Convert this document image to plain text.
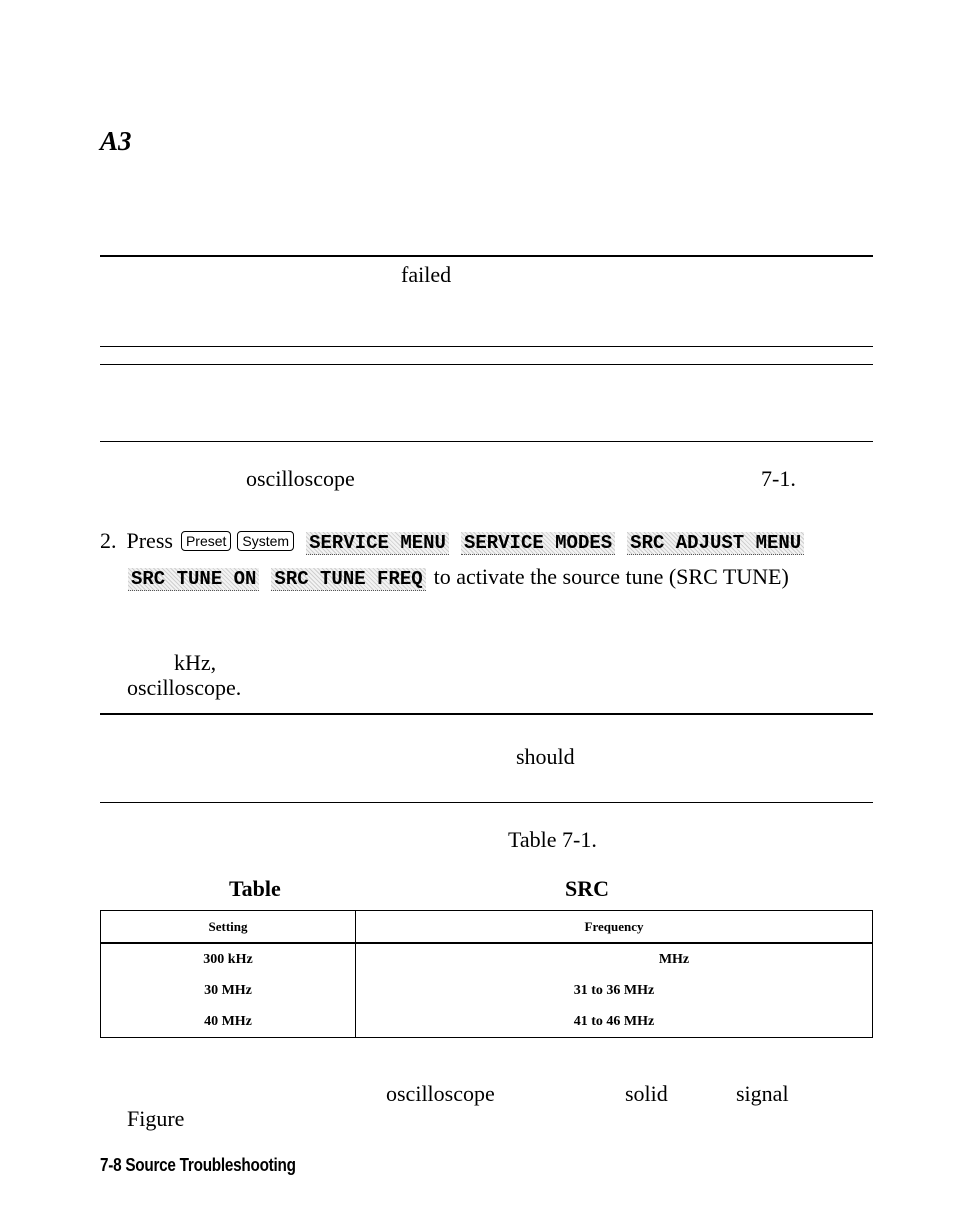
A3
failed
oscilloscope	7-1.
2. Press Preset System SERVICE MENU SERVICE MODES SRC ADJUST MENU
SRC TUNE ON SRC TUNE FREQ to activate the source tune (SRC TUNE)
kHz,
oscilloscope.
should
Table 7-1.
Table	SRC
Setting	Frequency
300 kHz	MHz
30 MHz	31 to 36 MHz
40 MHz	41 to 46 MHz
oscilloscope	solid	signal
Figure
7-8 Source Troubleshooting
